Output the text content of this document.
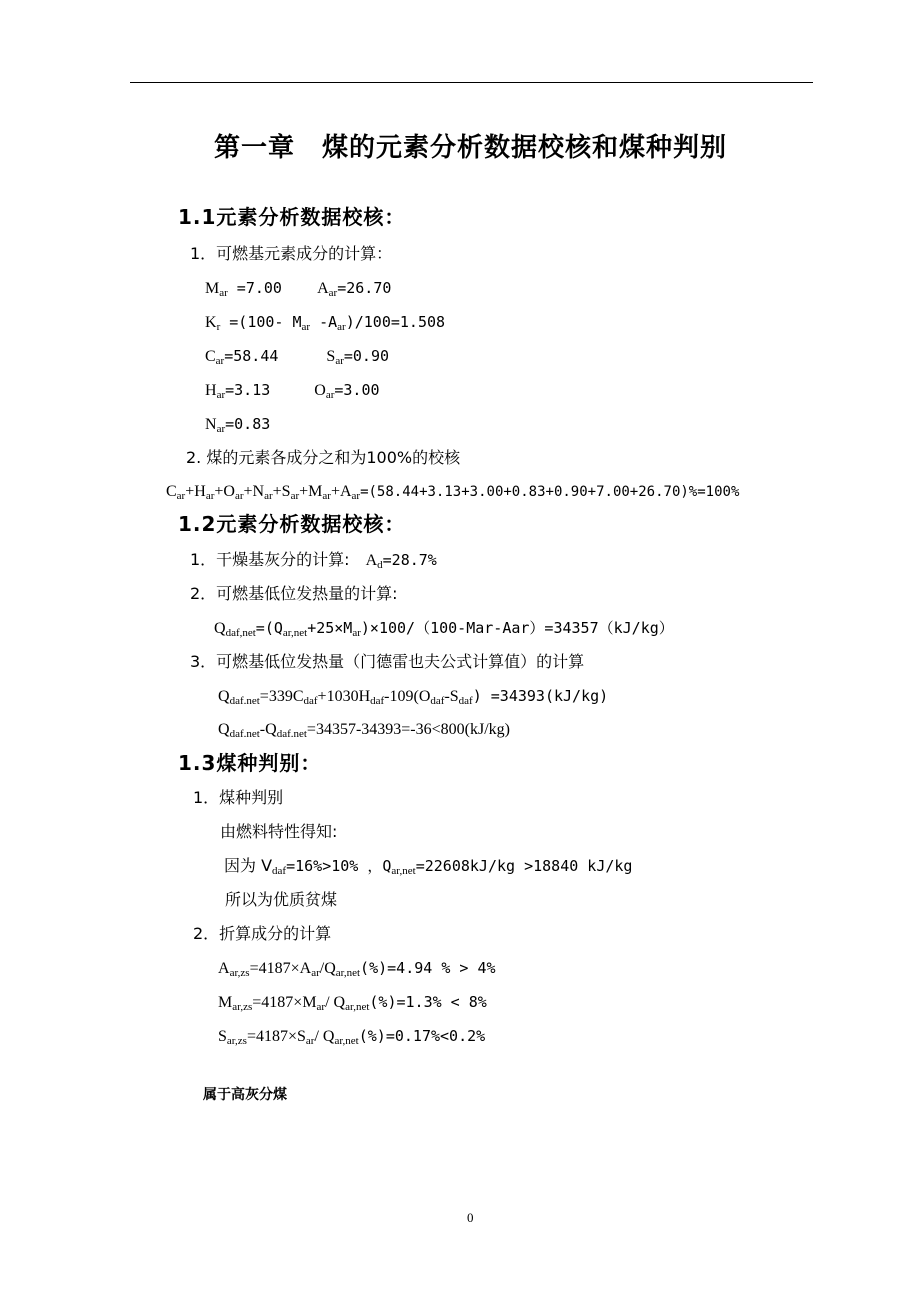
第一章　煤的元素分析数据校核和煤种判别
1.1元素分析数据校核：
1．可燃基元素成分的计算：
$M_{ar} =7.00$ $A_{ar}=26.70$
$K_r =(100-$ $M_{ar}$ $-A_{ar})/100=1.508$
$C_{ar}=58.44$	$S_{ar}=0.90$
$H_{ar}=3.13$	$O_{ar}=3.00$
$N_{ar}=0.83$
2. 煤的元素各成分之和为100%的校核
$C_{ar}+H_{ar}+O_{ar}+N_{ar}+S_{ar}+M_{ar}+A_{ar}=(58.44+3.13+3.00+0.83+0.90+7.00+26.70)\%=100\%$
1.2元素分析数据校核：
1．干燥基灰分的计算: $A_d=28.7\%$
2．可燃基低位发热量的计算:
$Q_{daf,net}=(Q_{ar,net}+25\times M_{ar})\times 100/(100-Mar-Aar)=34357(kJ/kg)$
3．可燃基低位发热量（门德雷也夫公式计算值）的计算
$Q_{daf.net}=339C_{daf}+1030H_{daf}-109(O_{daf}-S_{daf}) =34393(kJ/kg)$
$Q_{daf.net}-Q_{daf.net}=34357-34393=-36<800(kJ/kg)$
1.3煤种判别：
1．煤种判别
由燃料特性得知:
因为 $V_{daf}=16\%>10\%$ ，$Q_{ar,net}=22608kJ/kg >18840$ kJ/kg
所以为优质贫煤
2．折算成分的计算
$A_{ar,zs}=4187\times A_{ar}/Q_{ar,net}(\%)=4.94$ % > 4%
$M_{ar,zs}=4187\times M_{ar}/$ $Q_{ar,net}(\%)=1.3\% < 8\%$
$S_{ar,zs}=4187\times S_{ar}/$ $Q_{ar,net}(\%)=0.17\%<0.2\%$
属于高灰分煤
0
